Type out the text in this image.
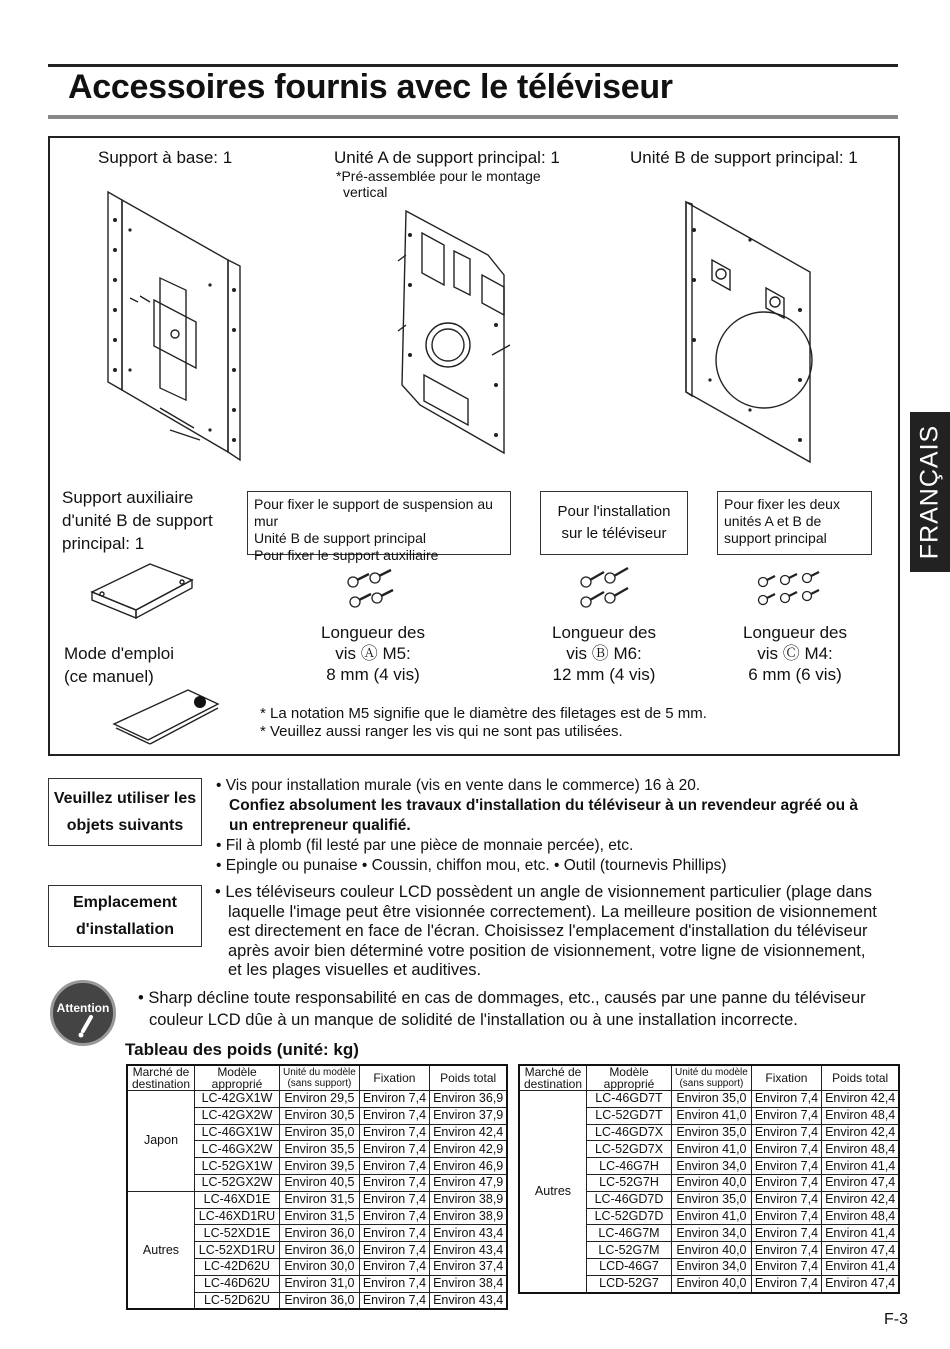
Accessoires fournis avec le téléviseur
FRANÇAIS
Support à base: 1	Unité A de support principal: 1
*Pré-assemblée pour le montage
vertical
Unité B de support principal: 1
Support auxiliaire
d'unité B de support
principal: 1
Mode d'emploi
(ce manuel)
Pour fixer le support de suspension au mur
Unité B de support principal
Pour fixer le support auxiliaire
Pour l'installation
sur le téléviseur
Pour fixer les deux
unités A et B de
support principal
Longueur des
vis Ⓐ M5:
8 mm (4 vis)
Longueur des
vis Ⓑ M6:
12 mm (4 vis)
Longueur des
vis Ⓒ M4:
6 mm (6 vis)
* La notation M5 signifie que le diamètre des filetages est de 5 mm.
* Veuillez aussi ranger les vis qui ne sont pas utilisées.
Veuillez utiliser les
objets suivants
• Vis pour installation murale (vis en vente dans le commerce) 16 à 20.
Confiez absolument les travaux d'installation du téléviseur à un revendeur agréé ou à
un entrepreneur qualifié.
• Fil à plomb (fil lesté par une pièce de monnaie percée), etc.
• Epingle ou punaise • Coussin, chiffon mou, etc. • Outil (tournevis Phillips)
Emplacement
d'installation
• Les téléviseurs couleur LCD possèdent un angle de visionnement particulier (plage dans
laquelle l'image peut être visionnée correctement). La meilleure position de visionnement
est directement en face de l'écran. Choisissez l'emplacement d'installation du téléviseur
après avoir bien déterminé votre position de visionnement, votre ligne de visionnement,
et les plages visuelles et auditives.
Attention
• Sharp décline toute responsabilité en cas de dommages, etc., causés par une panne du téléviseur
couleur LCD dûe à un manque de solidité de l'installation ou à une installation incorrecte.
Tableau des poids (unité: kg)
Marché de
destination	Modèle
approprié	Unité du modèle
(sans support)	Fixation	Poids total
Japon	LC-42GX1W	Environ 29,5	Environ 7,4	Environ 36,9
	LC-42GX2W	Environ 30,5	Environ 7,4	Environ 37,9
	LC-46GX1W	Environ 35,0	Environ 7,4	Environ 42,4
	LC-46GX2W	Environ 35,5	Environ 7,4	Environ 42,9
	LC-52GX1W	Environ 39,5	Environ 7,4	Environ 46,9
	LC-52GX2W	Environ 40,5	Environ 7,4	Environ 47,9
Autres	LC-46XD1E	Environ 31,5	Environ 7,4	Environ 38,9
	LC-46XD1RU	Environ 31,5	Environ 7,4	Environ 38,9
	LC-52XD1E	Environ 36,0	Environ 7,4	Environ 43,4
	LC-52XD1RU	Environ 36,0	Environ 7,4	Environ 43,4
	LC-42D62U	Environ 30,0	Environ 7,4	Environ 37,4
	LC-46D62U	Environ 31,0	Environ 7,4	Environ 38,4
	LC-52D62U	Environ 36,0	Environ 7,4	Environ 43,4
Marché de
destination	Modèle
approprié	Unité du modèle
(sans support)	Fixation	Poids total
Autres	LC-46GD7T	Environ 35,0	Environ 7,4	Environ 42,4
	LC-52GD7T	Environ 41,0	Environ 7,4	Environ 48,4
	LC-46GD7X	Environ 35,0	Environ 7,4	Environ 42,4
	LC-52GD7X	Environ 41,0	Environ 7,4	Environ 48,4
	LC-46G7H	Environ 34,0	Environ 7,4	Environ 41,4
	LC-52G7H	Environ 40,0	Environ 7,4	Environ 47,4
	LC-46GD7D	Environ 35,0	Environ 7,4	Environ 42,4
	LC-52GD7D	Environ 41,0	Environ 7,4	Environ 48,4
	LC-46G7M	Environ 34,0	Environ 7,4	Environ 41,4
	LC-52G7M	Environ 40,0	Environ 7,4	Environ 47,4
	LCD-46G7	Environ 34,0	Environ 7,4	Environ 41,4
	LCD-52G7	Environ 40,0	Environ 7,4	Environ 47,4
F-3
